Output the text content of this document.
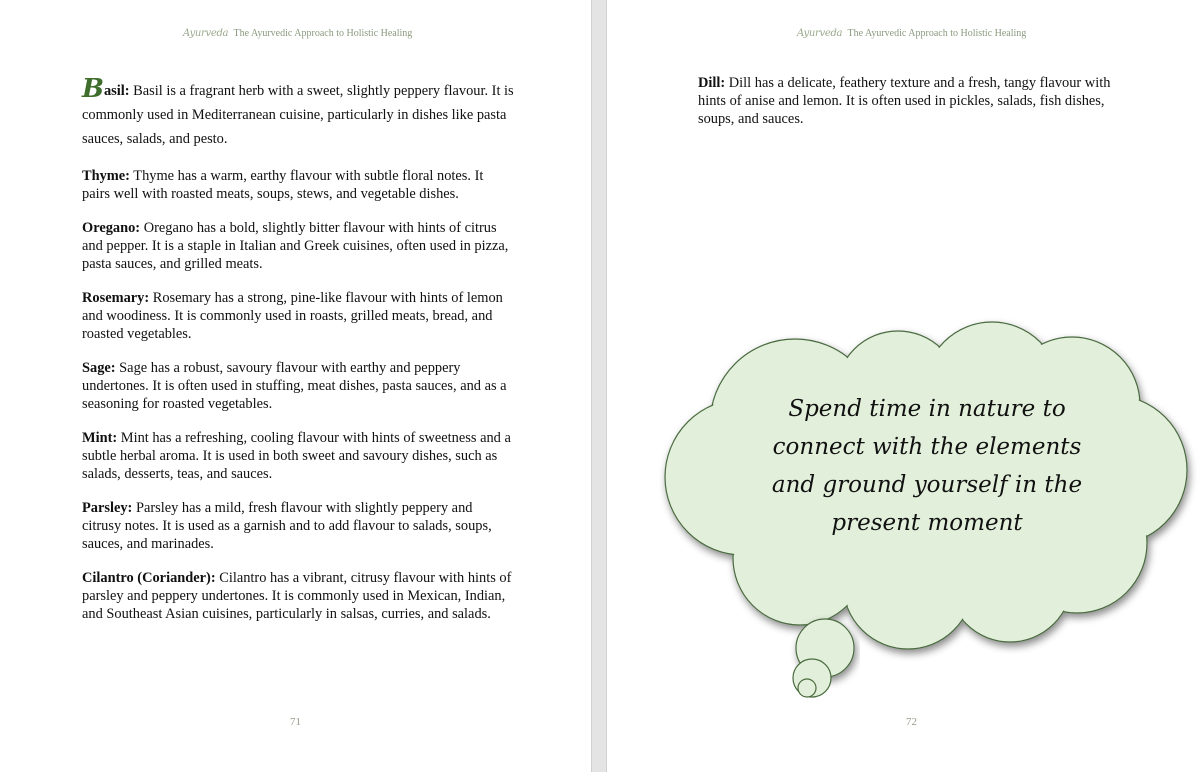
Ayurveda The Ayurvedic Approach to Holistic Healing

Basil: Basil is a fragrant herb with a sweet, slightly peppery flavour. It is commonly used in Mediterranean cuisine, particularly in dishes like pasta sauces, salads, and pesto.

Thyme: Thyme has a warm, earthy flavour with subtle floral notes. It pairs well with roasted meats, soups, stews, and vegetable dishes.

Oregano: Oregano has a bold, slightly bitter flavour with hints of citrus and pepper. It is a staple in Italian and Greek cuisines, often used in pizza, pasta sauces, and grilled meats.

Rosemary: Rosemary has a strong, pine-like flavour with hints of lemon and woodiness. It is commonly used in roasts, grilled meats, bread, and roasted vegetables.

Sage: Sage has a robust, savoury flavour with earthy and peppery undertones. It is often used in stuffing, meat dishes, pasta sauces, and as a seasoning for roasted vegetables.

Mint: Mint has a refreshing, cooling flavour with hints of sweetness and a subtle herbal aroma. It is used in both sweet and savoury dishes, such as salads, desserts, teas, and sauces.

Parsley: Parsley has a mild, fresh flavour with slightly peppery and citrusy notes. It is used as a garnish and to add flavour to salads, soups, sauces, and marinades.

Cilantro (Coriander): Cilantro has a vibrant, citrusy flavour with hints of parsley and peppery undertones. It is commonly used in Mexican, Indian, and Southeast Asian cuisines, particularly in salsas, curries, and salads.

71
Ayurveda The Ayurvedic Approach to Holistic Healing

Dill: Dill has a delicate, feathery texture and a fresh, tangy flavour with hints of anise and lemon. It is often used in pickles, salads, fish dishes, soups, and sauces.

Spend time in nature to connect with the elements and ground yourself in the present moment
72
